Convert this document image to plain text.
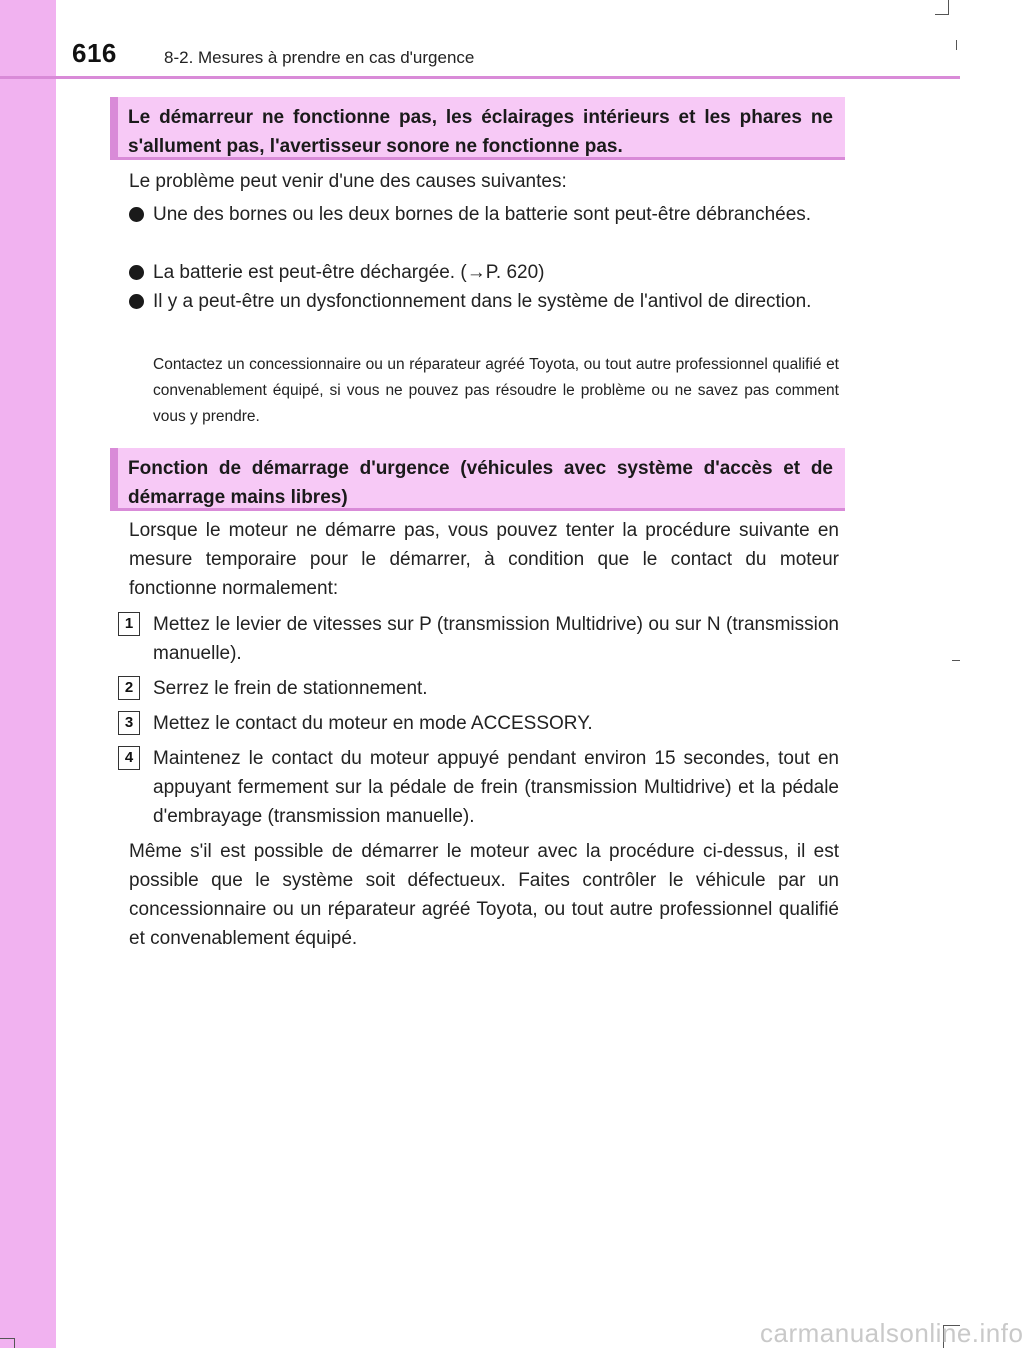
616	8-2. Mesures à prendre en cas d'urgence

Le démarreur ne fonctionne pas, les éclairages intérieurs et les phares ne s'allument pas, l'avertisseur sonore ne fonctionne pas.

Le problème peut venir d'une des causes suivantes:
Une des bornes ou les deux bornes de la batterie sont peut-être débranchées.
La batterie est peut-être déchargée. (→P. 620)
Il y a peut-être un dysfonctionnement dans le système de l'antivol de direction.
Contactez un concessionnaire ou un réparateur agréé Toyota, ou tout autre professionnel qualifié et convenablement équipé, si vous ne pouvez pas résoudre le problème ou ne savez pas comment vous y prendre.

Fonction de démarrage d'urgence (véhicules avec système d'accès et de démarrage mains libres)

Lorsque le moteur ne démarre pas, vous pouvez tenter la procédure suivante en mesure temporaire pour le démarrer, à condition que le contact du moteur fonctionne normalement:
1	Mettez le levier de vitesses sur P (transmission Multidrive) ou sur N (transmission manuelle).
2	Serrez le frein de stationnement.
3	Mettez le contact du moteur en mode ACCESSORY.
4	Maintenez le contact du moteur appuyé pendant environ 15 secondes, tout en appuyant fermement sur la pédale de frein (transmission Multidrive) et la pédale d'embrayage (transmission manuelle).
Même s'il est possible de démarrer le moteur avec la procédure ci-dessus, il est possible que le système soit défectueux. Faites contrôler le véhicule par un concessionnaire ou un réparateur agréé Toyota, ou tout autre professionnel qualifié et convenablement équipé.
carmanualsonline.info
